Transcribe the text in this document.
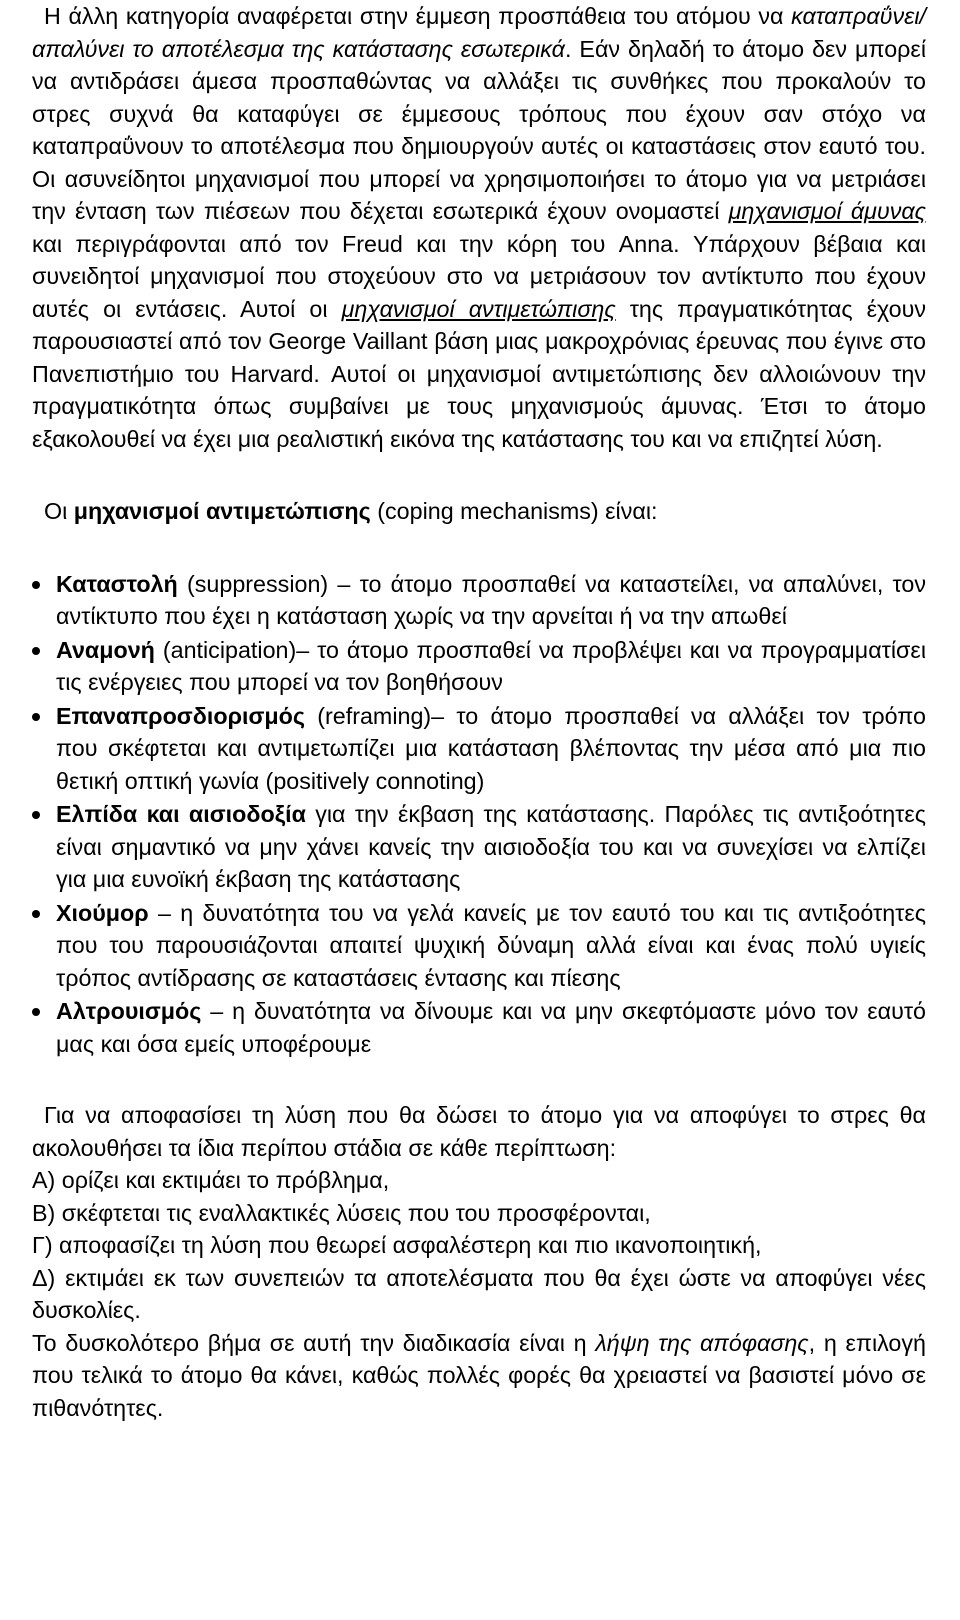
Η άλλη κατηγορία αναφέρεται στην έμμεση προσπάθεια του ατόμου να καταπραΰνει/ απαλύνει το αποτέλεσμα της κατάστασης εσωτερικά. Εάν δηλαδή το άτομο δεν μπορεί να αντιδράσει άμεσα προσπαθώντας να αλλάξει τις συνθήκες που προκαλούν το στρες συχνά θα καταφύγει σε έμμεσους τρόπους που έχουν σαν στόχο να καταπραΰνουν το αποτέλεσμα που δημιουργούν αυτές οι καταστάσεις στον εαυτό του. Οι ασυνείδητοι μηχανισμοί που μπορεί να χρησιμοποιήσει το άτομο για να μετριάσει την ένταση των πιέσεων που δέχεται εσωτερικά έχουν ονομαστεί μηχανισμοί άμυνας και περιγράφονται από τον Freud και την κόρη του Anna. Υπάρχουν βέβαια και συνειδητοί μηχανισμοί που στοχεύουν στο να μετριάσουν τον αντίκτυπο που έχουν αυτές οι εντάσεις. Αυτοί οι μηχανισμοί αντιμετώπισης της πραγματικότητας έχουν παρουσιαστεί από τον George Vaillant βάση μιας μακροχρόνιας έρευνας που έγινε στο Πανεπιστήμιο του Harvard. Αυτοί οι μηχανισμοί αντιμετώπισης δεν αλλοιώνουν την πραγματικότητα όπως συμβαίνει με τους μηχανισμούς άμυνας. Έτσι το άτομο εξακολουθεί να έχει μια ρεαλιστική εικόνα της κατάστασης του και να επιζητεί λύση.

Οι μηχανισμοί αντιμετώπισης (coping mechanisms) είναι:

Καταστολή (suppression) – το άτομο προσπαθεί να καταστείλει, να απαλύνει, τον αντίκτυπο που έχει η κατάσταση χωρίς να την αρνείται ή να την απωθεί
Αναμονή (anticipation)– το άτομο προσπαθεί να προβλέψει και να προγραμματίσει τις ενέργειες που μπορεί να τον βοηθήσουν
Επαναπροσδιορισμός (reframing)– το άτομο προσπαθεί να αλλάξει τον τρόπο που σκέφτεται και αντιμετωπίζει μια κατάσταση βλέποντας την μέσα από μια πιο θετική οπτική γωνία (positively connoting)
Ελπίδα και αισιοδοξία για την έκβαση της κατάστασης. Παρόλες τις αντιξοότητες είναι σημαντικό να μην χάνει κανείς την αισιοδοξία του και να συνεχίσει να ελπίζει για μια ευνοϊκή έκβαση της κατάστασης
Χιούμορ – η δυνατότητα του να γελά κανείς με τον εαυτό του και τις αντιξοότητες που του παρουσιάζονται απαιτεί ψυχική δύναμη αλλά είναι και ένας πολύ υγιείς τρόπος αντίδρασης σε καταστάσεις έντασης και πίεσης
Αλτρουισμός – η δυνατότητα να δίνουμε και να μην σκεφτόμαστε μόνο τον εαυτό μας και όσα εμείς υποφέρουμε

Για να αποφασίσει τη λύση που θα δώσει το άτομο για να αποφύγει το στρες θα ακολουθήσει τα ίδια περίπου στάδια σε κάθε περίπτωση:

Α) ορίζει και εκτιμάει το πρόβλημα,

Β) σκέφτεται τις εναλλακτικές λύσεις που του προσφέρονται,

Γ) αποφασίζει τη λύση που θεωρεί ασφαλέστερη και πιο ικανοποιητική,

Δ) εκτιμάει εκ των συνεπειών τα αποτελέσματα που θα έχει ώστε να αποφύγει νέες δυσκολίες.

Το δυσκολότερο βήμα σε αυτή την διαδικασία είναι η λήψη της απόφασης, η επιλογή που τελικά το άτομο θα κάνει, καθώς πολλές φορές θα χρειαστεί να βασιστεί μόνο σε πιθανότητες.
